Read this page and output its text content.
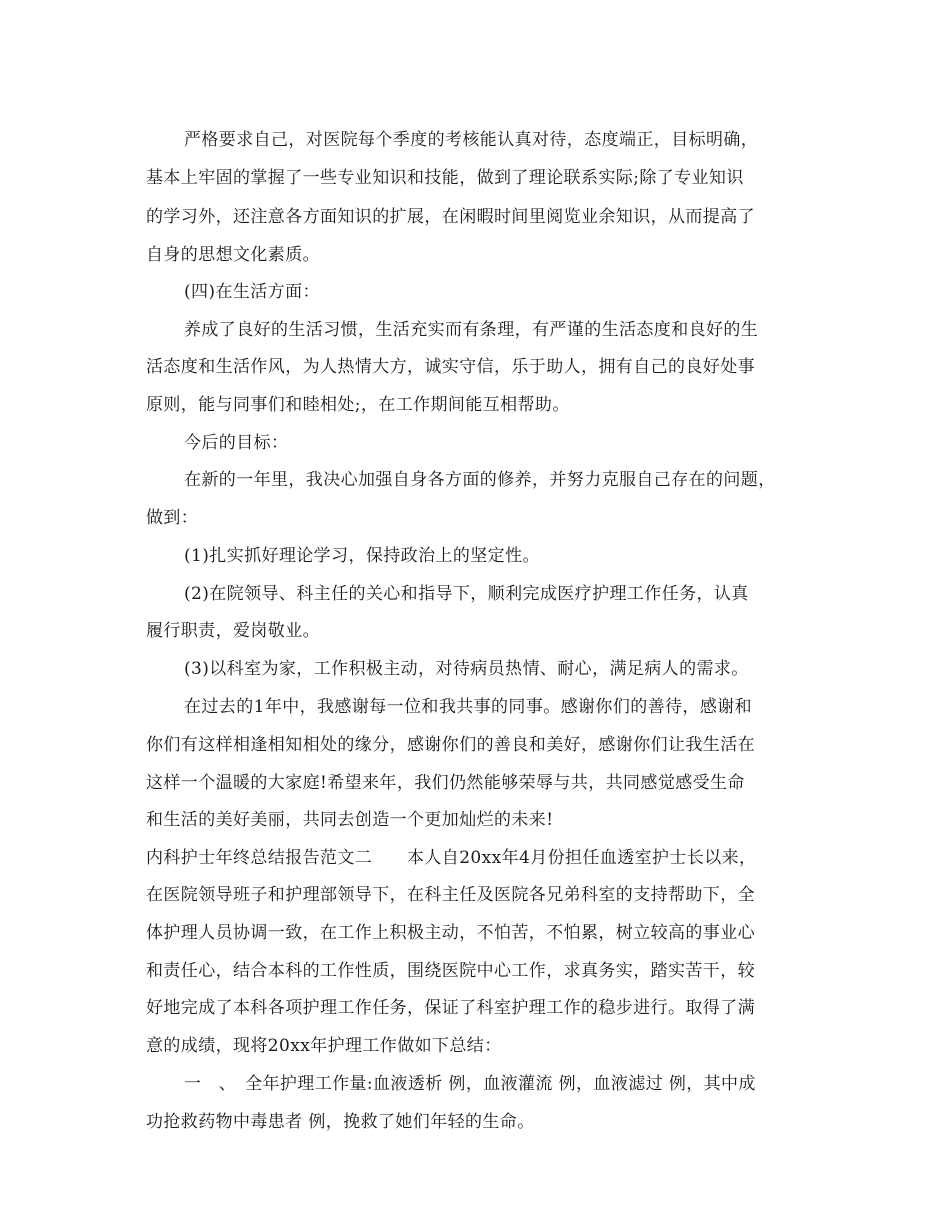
严格要求自己，对医院每个季度的考核能认真对待，态度端正，目标明确，
基本上牢固的掌握了一些专业知识和技能，做到了理论联系实际;除了专业知识
的学习外，还注意各方面知识的扩展，在闲暇时间里阅览业余知识，从而提高了
自身的思想文化素质。
(四)在生活方面：
养成了良好的生活习惯，生活充实而有条理，有严谨的生活态度和良好的生
活态度和生活作风，为人热情大方，诚实守信，乐于助人，拥有自己的良好处事
原则，能与同事们和睦相处;，在工作期间能互相帮助。
今后的目标：
在新的一年里，我决心加强自身各方面的修养，并努力克服自己存在的问题，
做到：
(1)扎实抓好理论学习，保持政治上的坚定性。
(2)在院领导、科主任的关心和指导下，顺利完成医疗护理工作任务，认真
履行职责，爱岗敬业。
(3)以科室为家，工作积极主动，对待病员热情、耐心，满足病人的需求。
在过去的1年中，我感谢每一位和我共事的同事。感谢你们的善待，感谢和
你们有这样相逢相知相处的缘分，感谢你们的善良和美好，感谢你们让我生活在
这样一个温暖的大家庭!希望来年，我们仍然能够荣辱与共，共同感觉感受生命
和生活的美好美丽，共同去创造一个更加灿烂的未来!
内科护士年终总结报告范文二　　本人自20xx年4月份担任血透室护士长以来，
在医院领导班子和护理部领导下，在科主任及医院各兄弟科室的支持帮助下，全
体护理人员协调一致，在工作上积极主动，不怕苦，不怕累，树立较高的事业心
和责任心，结合本科的工作性质，围绕医院中心工作，求真务实，踏实苦干，较
好地完成了本科各项护理工作任务，保证了科室护理工作的稳步进行。取得了满
意的成绩，现将20xx年护理工作做如下总结：
一　、　全年护理工作量:血液透析 例，血液灌流 例，血液滤过 例，其中成
功抢救药物中毒患者 例，挽救了她们年轻的生命。
